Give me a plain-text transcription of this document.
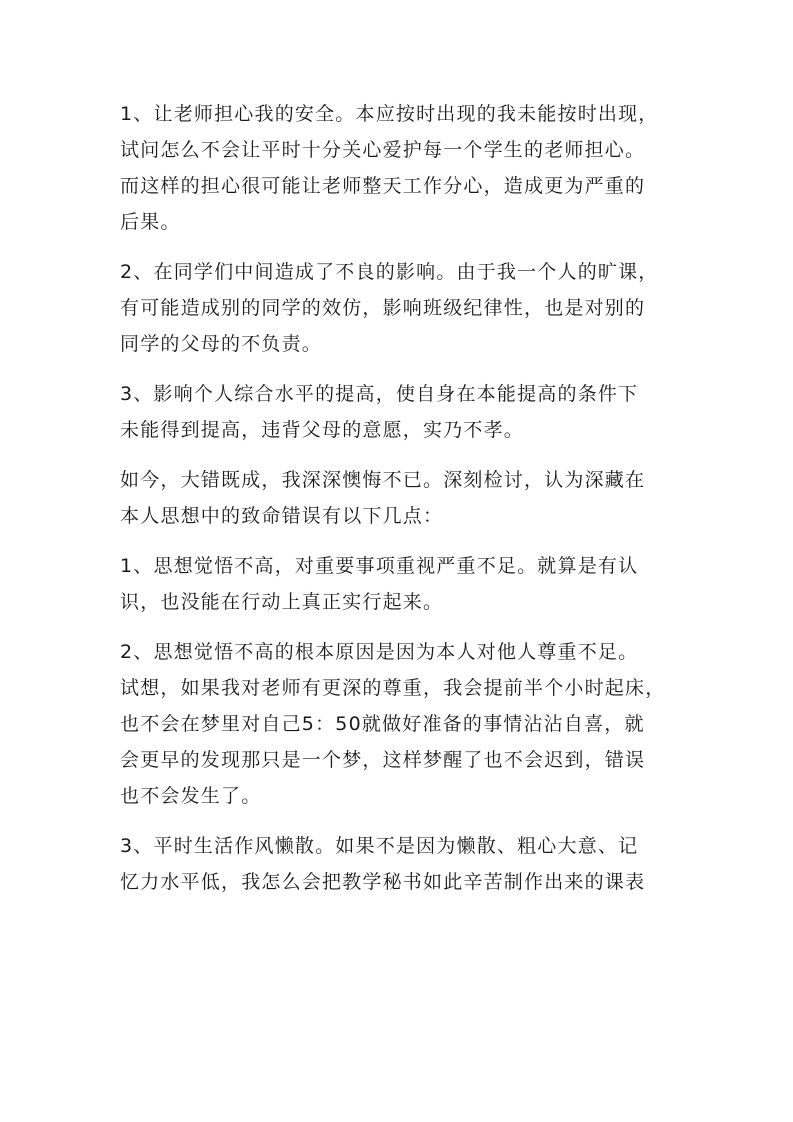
1、让老师担心我的安全。本应按时出现的我未能按时出现，
试问怎么不会让平时十分关心爱护每一个学生的老师担心。
而这样的担心很可能让老师整天工作分心，造成更为严重的
后果。

2、在同学们中间造成了不良的影响。由于我一个人的旷课，
有可能造成别的同学的效仿，影响班级纪律性，也是对别的
同学的父母的不负责。

3、影响个人综合水平的提高，使自身在本能提高的条件下
未能得到提高，违背父母的意愿，实乃不孝。

如今，大错既成，我深深懊悔不已。深刻检讨，认为深藏在
本人思想中的致命错误有以下几点：

1、思想觉悟不高，对重要事项重视严重不足。就算是有认
识，也没能在行动上真正实行起来。

2、思想觉悟不高的根本原因是因为本人对他人尊重不足。
试想，如果我对老师有更深的尊重，我会提前半个小时起床，
也不会在梦里对自己5：50就做好准备的事情沾沾自喜，就
会更早的发现那只是一个梦，这样梦醒了也不会迟到，错误
也不会发生了。

3、平时生活作风懒散。如果不是因为懒散、粗心大意、记
忆力水平低，我怎么会把教学秘书如此辛苦制作出来的课表
